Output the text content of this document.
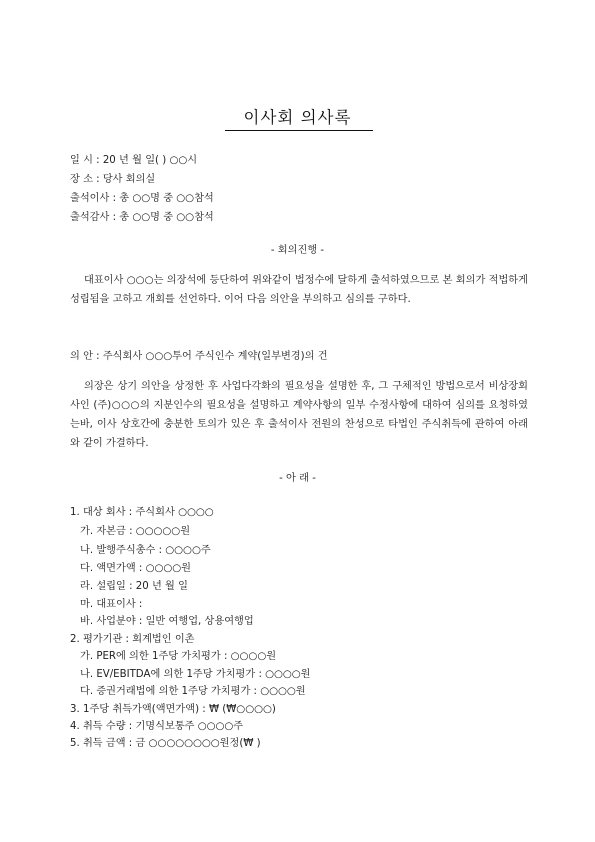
이사회 의사록
일 시 : 20 년 월 일( ) ○○시
장 소 : 당사 회의실
출석이사 : 총 ○○명 중 ○○참석
출석감사 : 총 ○○명 중 ○○참석
- 회의진행 -
대표이사 ○○○는 의장석에 등단하여 위와같이 법정수에 달하게 출석하였으므로 본 회의가 적법하게 성립됨을 고하고 개회를 선언하다. 이어 다음 의안을 부의하고 심의를 구하다.
의 안 : 주식회사 ○○○투어 주식인수 계약(일부변경)의 건
의장은 상기 의안을 상정한 후 사업다각화의 필요성을 설명한 후, 그 구체적인 방법으로서 비상장회사인 (주)○○○의 지분인수의 필요성을 설명하고 계약사항의 일부 수정사항에 대하여 심의를 요청하였는바, 이사 상호간에 충분한 토의가 있은 후 출석이사 전원의 찬성으로 타법인 주식취득에 관하여 아래와 같이 가결하다.
- 아 래 -
1. 대상 회사 : 주식회사 ○○○○
가. 자본금 : ○○○○○원
나. 발행주식총수 : ○○○○주
다. 액면가액 : ○○○○원
라. 설립일 : 20 년 월 일
마. 대표이사 :
바. 사업분야 : 일반 여행업, 상용여행업
2. 평가기관 : 회계법인 이촌
가. PER에 의한 1주당 가치평가 : ○○○○원
나. EV/EBITDA에 의한 1주당 가치평가 : ○○○○원
다. 증권거래법에 의한 1주당 가치평가 : ○○○○원
3. 1주당 취득가액(액면가액) : ₩ (₩○○○○)
4. 취득 수량 : 기명식보통주 ○○○○주
5. 취득 금액 : 금 ○○○○○○○○원정(₩ )
